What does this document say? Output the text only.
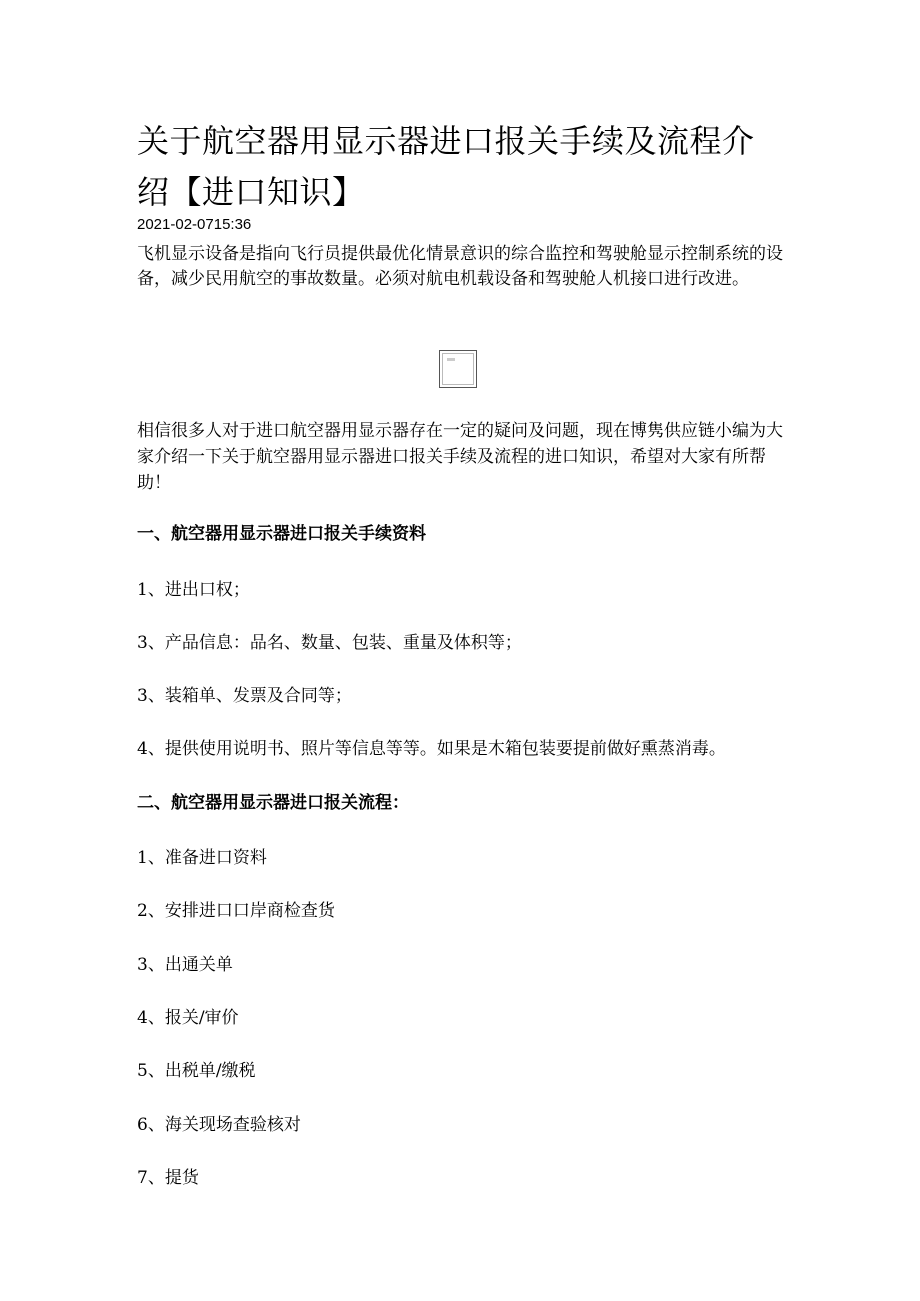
关于航空器用显示器进口报关手续及流程介绍【进口知识】
2021-02-0715:36

飞机显示设备是指向飞行员提供最优化情景意识的综合监控和驾驶舱显示控制系统的设备，减少民用航空的事故数量。必须对航电机载设备和驾驶舱人机接口进行改进。

相信很多人对于进口航空器用显示器存在一定的疑问及问题，现在博隽供应链小编为大家介绍一下关于航空器用显示器进口报关手续及流程的进口知识，希望对大家有所帮助！

一、航空器用显示器进口报关手续资料

1、进出口权；

3、产品信息：品名、数量、包装、重量及体积等；

3、装箱单、发票及合同等；

4、提供使用说明书、照片等信息等等。如果是木箱包装要提前做好熏蒸消毒。

二、航空器用显示器进口报关流程：

1、准备进口资料

2、安排进口口岸商检查货

3、出通关单

4、报关/审价

5、出税单/缴税

6、海关现场查验核对

7、提货
